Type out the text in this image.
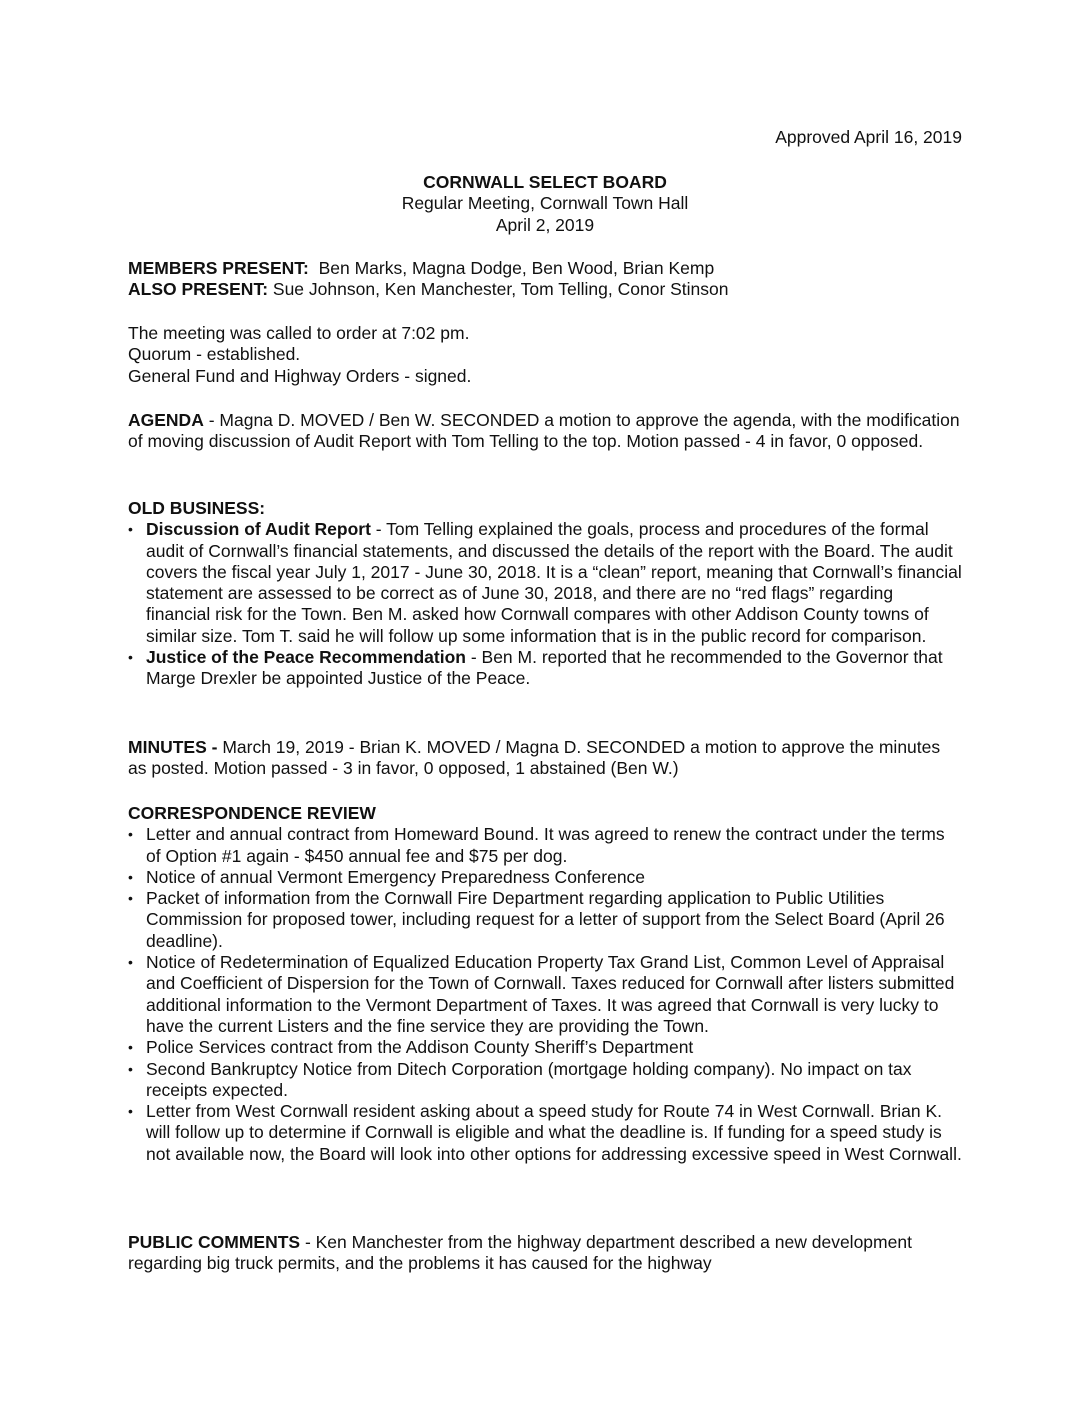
Approved April 16, 2019
CORNWALL SELECT BOARD
Regular Meeting, Cornwall Town Hall
April 2, 2019
MEMBERS PRESENT: Ben Marks, Magna Dodge, Ben Wood, Brian Kemp
ALSO PRESENT: Sue Johnson, Ken Manchester, Tom Telling, Conor Stinson
The meeting was called to order at 7:02 pm.
Quorum - established.
General Fund and Highway Orders - signed.
AGENDA - Magna D. MOVED / Ben W. SECONDED a motion to approve the agenda, with the modification of moving discussion of Audit Report with Tom Telling to the top. Motion passed - 4 in favor, 0 opposed.
OLD BUSINESS:
• Discussion of Audit Report - Tom Telling explained the goals, process and procedures of the formal audit of Cornwall’s financial statements, and discussed the details of the report with the Board. The audit covers the fiscal year July 1, 2017 - June 30, 2018. It is a “clean” report, meaning that Cornwall’s financial statement are assessed to be correct as of June 30, 2018, and there are no “red flags” regarding financial risk for the Town. Ben M. asked how Cornwall compares with other Addison County towns of similar size. Tom T. said he will follow up some information that is in the public record for comparison.
• Justice of the Peace Recommendation - Ben M. reported that he recommended to the Governor that Marge Drexler be appointed Justice of the Peace.
MINUTES - March 19, 2019 - Brian K. MOVED / Magna D. SECONDED a motion to approve the minutes as posted. Motion passed - 3 in favor, 0 opposed, 1 abstained (Ben W.)
CORRESPONDENCE REVIEW
• Letter and annual contract from Homeward Bound. It was agreed to renew the contract under the terms of Option #1 again - $450 annual fee and $75 per dog.
• Notice of annual Vermont Emergency Preparedness Conference
• Packet of information from the Cornwall Fire Department regarding application to Public Utilities Commission for proposed tower, including request for a letter of support from the Select Board (April 26 deadline).
• Notice of Redetermination of Equalized Education Property Tax Grand List, Common Level of Appraisal and Coefficient of Dispersion for the Town of Cornwall. Taxes reduced for Cornwall after listers submitted additional information to the Vermont Department of Taxes. It was agreed that Cornwall is very lucky to have the current Listers and the fine service they are providing the Town.
• Police Services contract from the Addison County Sheriff’s Department
• Second Bankruptcy Notice from Ditech Corporation (mortgage holding company). No impact on tax receipts expected.
• Letter from West Cornwall resident asking about a speed study for Route 74 in West Cornwall. Brian K. will follow up to determine if Cornwall is eligible and what the deadline is. If funding for a speed study is not available now, the Board will look into other options for addressing excessive speed in West Cornwall.
PUBLIC COMMENTS - Ken Manchester from the highway department described a new development regarding big truck permits, and the problems it has caused for the highway
